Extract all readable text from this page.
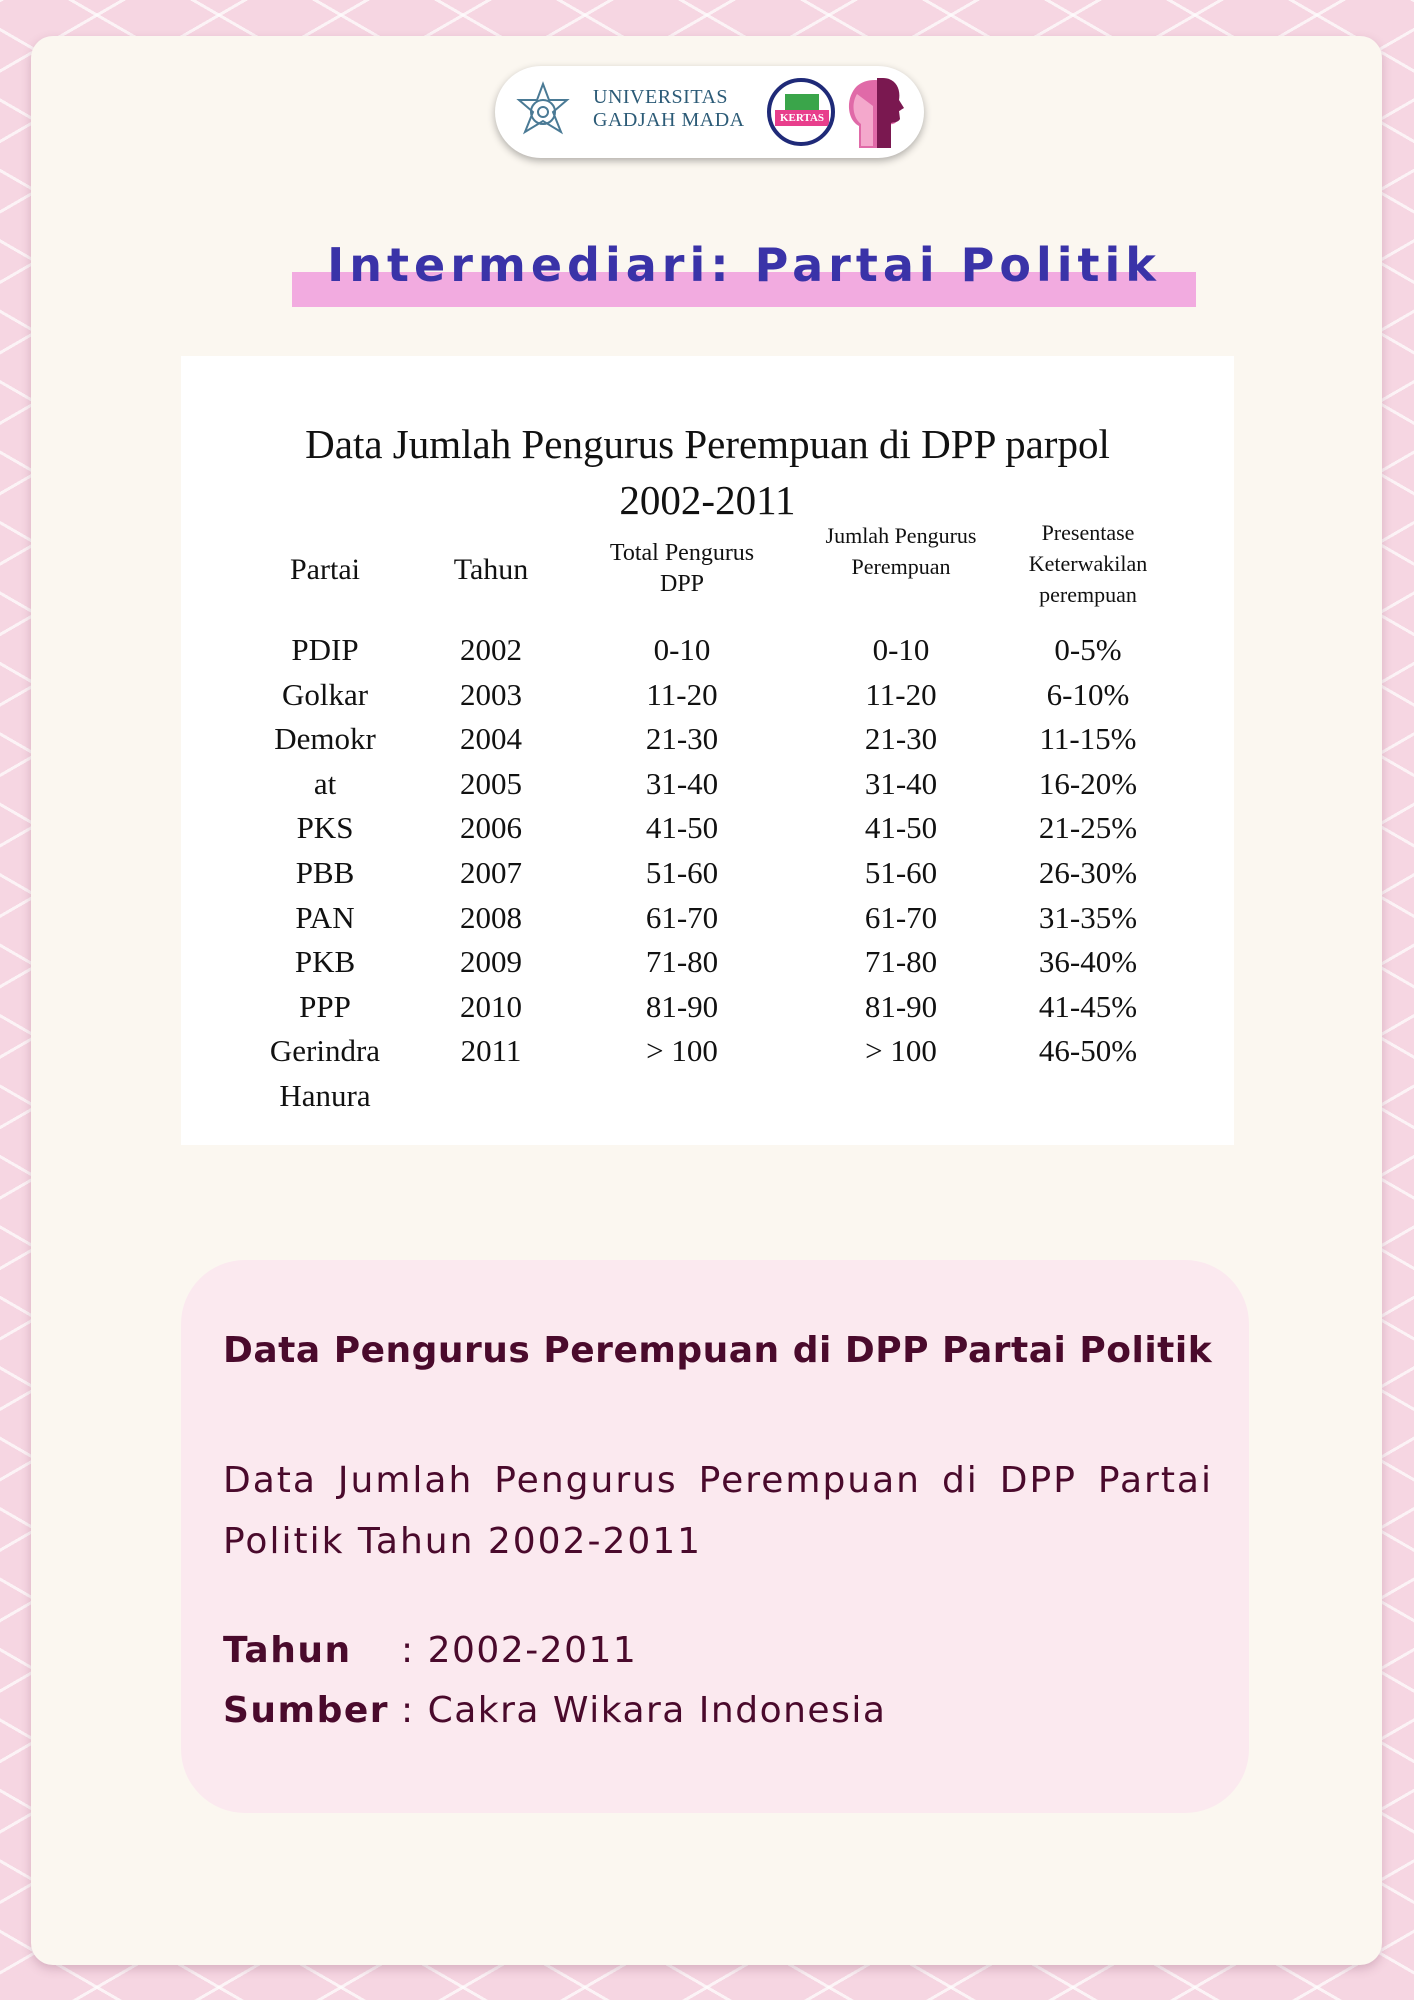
UNIVERSITAS
GADJAH MADA	KERTAS
Intermediari: Partai Politik
Data Jumlah Pengurus Perempuan di DPP parpol
2002-2011
Partai
PDIP
Golkar
Demokr
at
PKS
PBB
PAN
PKB
PPP
Gerindra
Hanura
Tahun
2002
2003
2004
2005
2006
2007
2008
2009
2010
2011
Total Pengurus DPP
0-10
11-20
21-30
31-40
41-50
51-60
61-70
71-80
81-90
> 100
Jumlah Pengurus Perempuan
0-10
11-20
21-30
31-40
41-50
51-60
61-70
71-80
81-90
> 100
Presentase Keterwakilan perempuan
0-5%
6-10%
11-15%
16-20%
21-25%
26-30%
31-35%
36-40%
41-45%
46-50%
Data Pengurus Perempuan di DPP Partai Politik
Data Jumlah Pengurus Perempuan di DPP Partai Politik Tahun 2002-2011
Tahun : 2002-2011
Sumber : Cakra Wikara Indonesia
